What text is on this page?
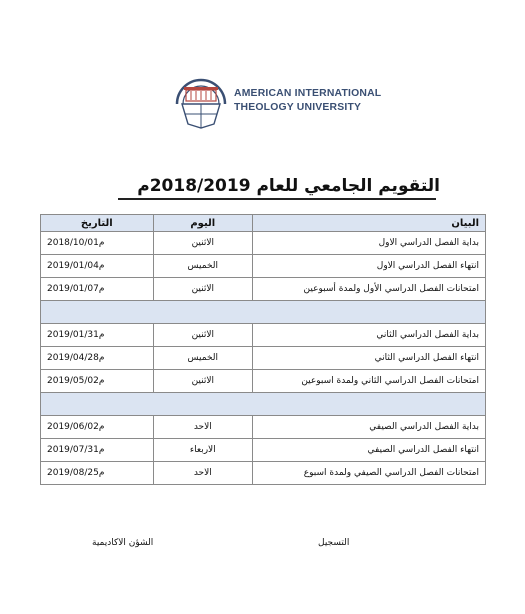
AMERICAN INTERNATIONAL
THEOLOGY UNIVERSITY
التقويم الجامعي للعام 2018/2019م
البيان	اليوم	التاريخ
بداية الفصل الدراسي الاول	الاثنين	2018/10/01م
انتهاء الفصل الدراسي الاول	الخميس	2019/01/04م
امتحانات الفصل الدراسي الأول ولمدة أسبوعين	الاثنين	2019/01/07م

بداية الفصل الدراسي الثاني	الاثنين	2019/01/31م
انتهاء الفصل الدراسي الثاني	الخميس	2019/04/28م
امتحانات الفصل الدراسي الثاني ولمدة اسبوعين	الاثنين	2019/05/02م

بداية الفصل الدراسي الصيفي	الاحد	2019/06/02م
انتهاء الفصل الدراسي الصيفي	الاربعاء	2019/07/31م
امتحانات الفصل الدراسي الصيفي ولمدة اسبوع	الاحد	2019/08/25م
التسجيل
الشؤن الاكاديمية
